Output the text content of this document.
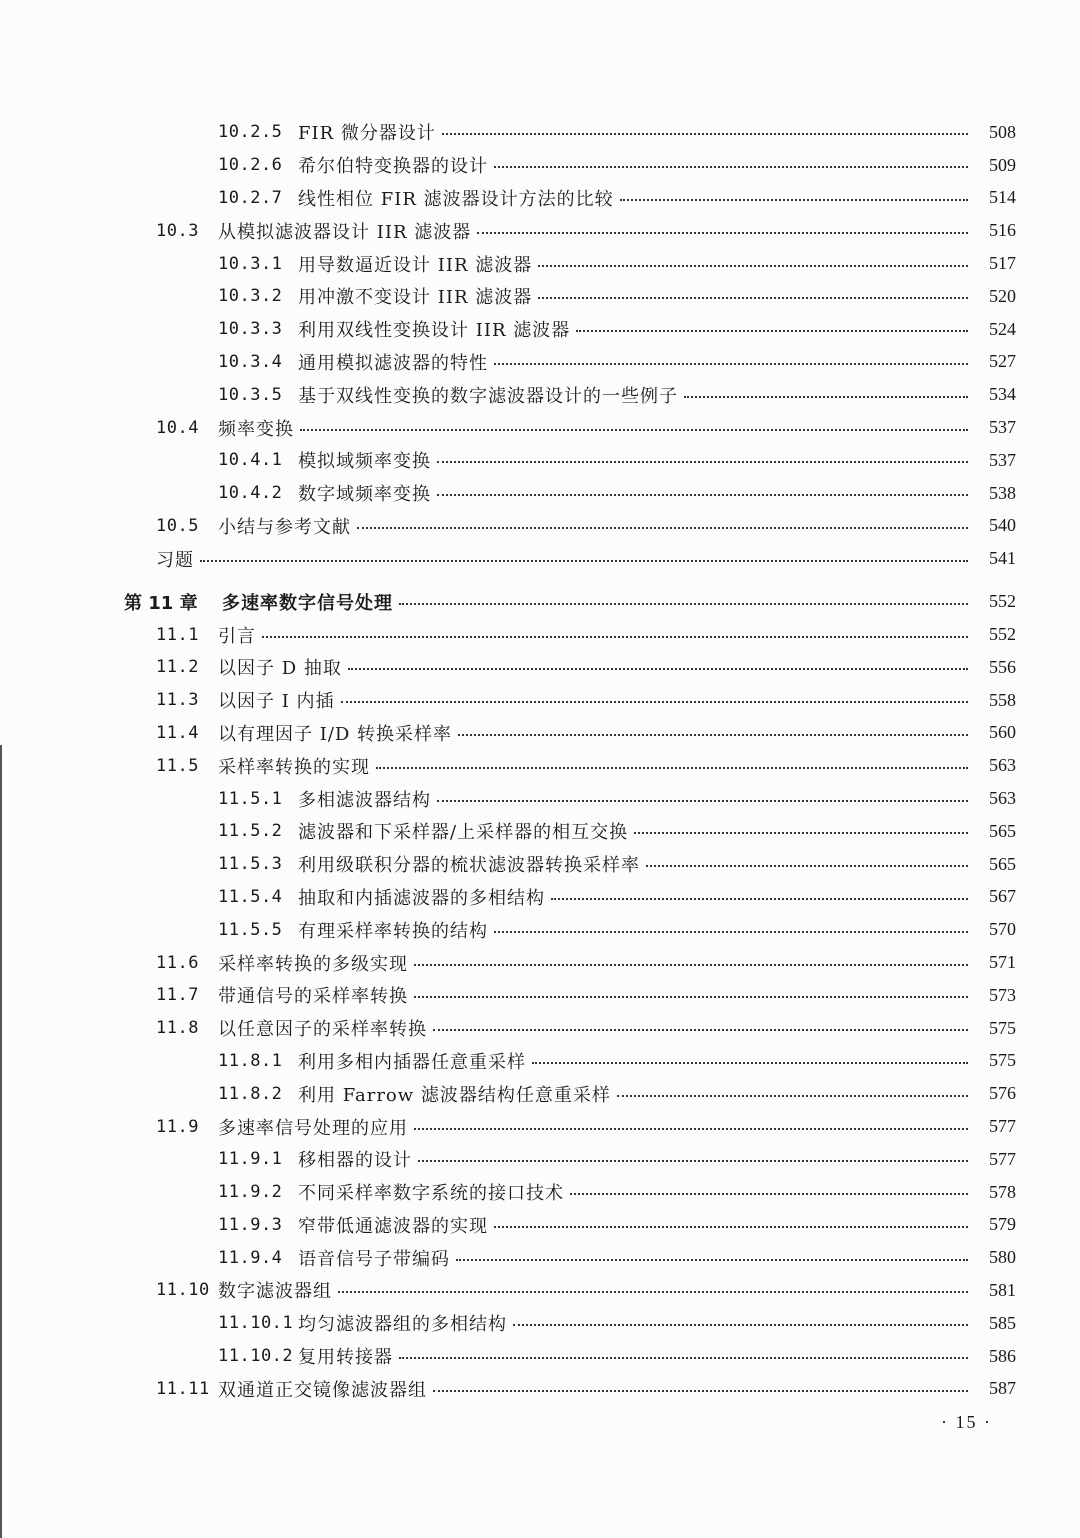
10.2.5 FIR 微分器设计	508
10.2.6 希尔伯特变换器的设计	509
10.2.7 线性相位 FIR 滤波器设计方法的比较	514
10.3 从模拟滤波器设计 IIR 滤波器	516
10.3.1 用导数逼近设计 IIR 滤波器	517
10.3.2 用冲激不变设计 IIR 滤波器	520
10.3.3 利用双线性变换设计 IIR 滤波器	524
10.3.4 通用模拟滤波器的特性	527
10.3.5 基于双线性变换的数字滤波器设计的一些例子	534
10.4 频率变换	537
10.4.1 模拟域频率变换	537
10.4.2 数字域频率变换	538
10.5 小结与参考文献	540
习题	541
第 11 章 多速率数字信号处理	552
11.1 引言	552
11.2 以因子 D 抽取	556
11.3 以因子 I 内插	558
11.4 以有理因子 I/D 转换采样率	560
11.5 采样率转换的实现	563
11.5.1 多相滤波器结构	563
11.5.2 滤波器和下采样器/上采样器的相互交换	565
11.5.3 利用级联积分器的梳状滤波器转换采样率	565
11.5.4 抽取和内插滤波器的多相结构	567
11.5.5 有理采样率转换的结构	570
11.6 采样率转换的多级实现	571
11.7 带通信号的采样率转换	573
11.8 以任意因子的采样率转换	575
11.8.1 利用多相内插器任意重采样	575
11.8.2 利用 Farrow 滤波器结构任意重采样	576
11.9 多速率信号处理的应用	577
11.9.1 移相器的设计	577
11.9.2 不同采样率数字系统的接口技术	578
11.9.3 窄带低通滤波器的实现	579
11.9.4 语音信号子带编码	580
11.10 数字滤波器组	581
11.10.1 均匀滤波器组的多相结构	585
11.10.2 复用转接器	586
11.11 双通道正交镜像滤波器组	587
· 15 ·
